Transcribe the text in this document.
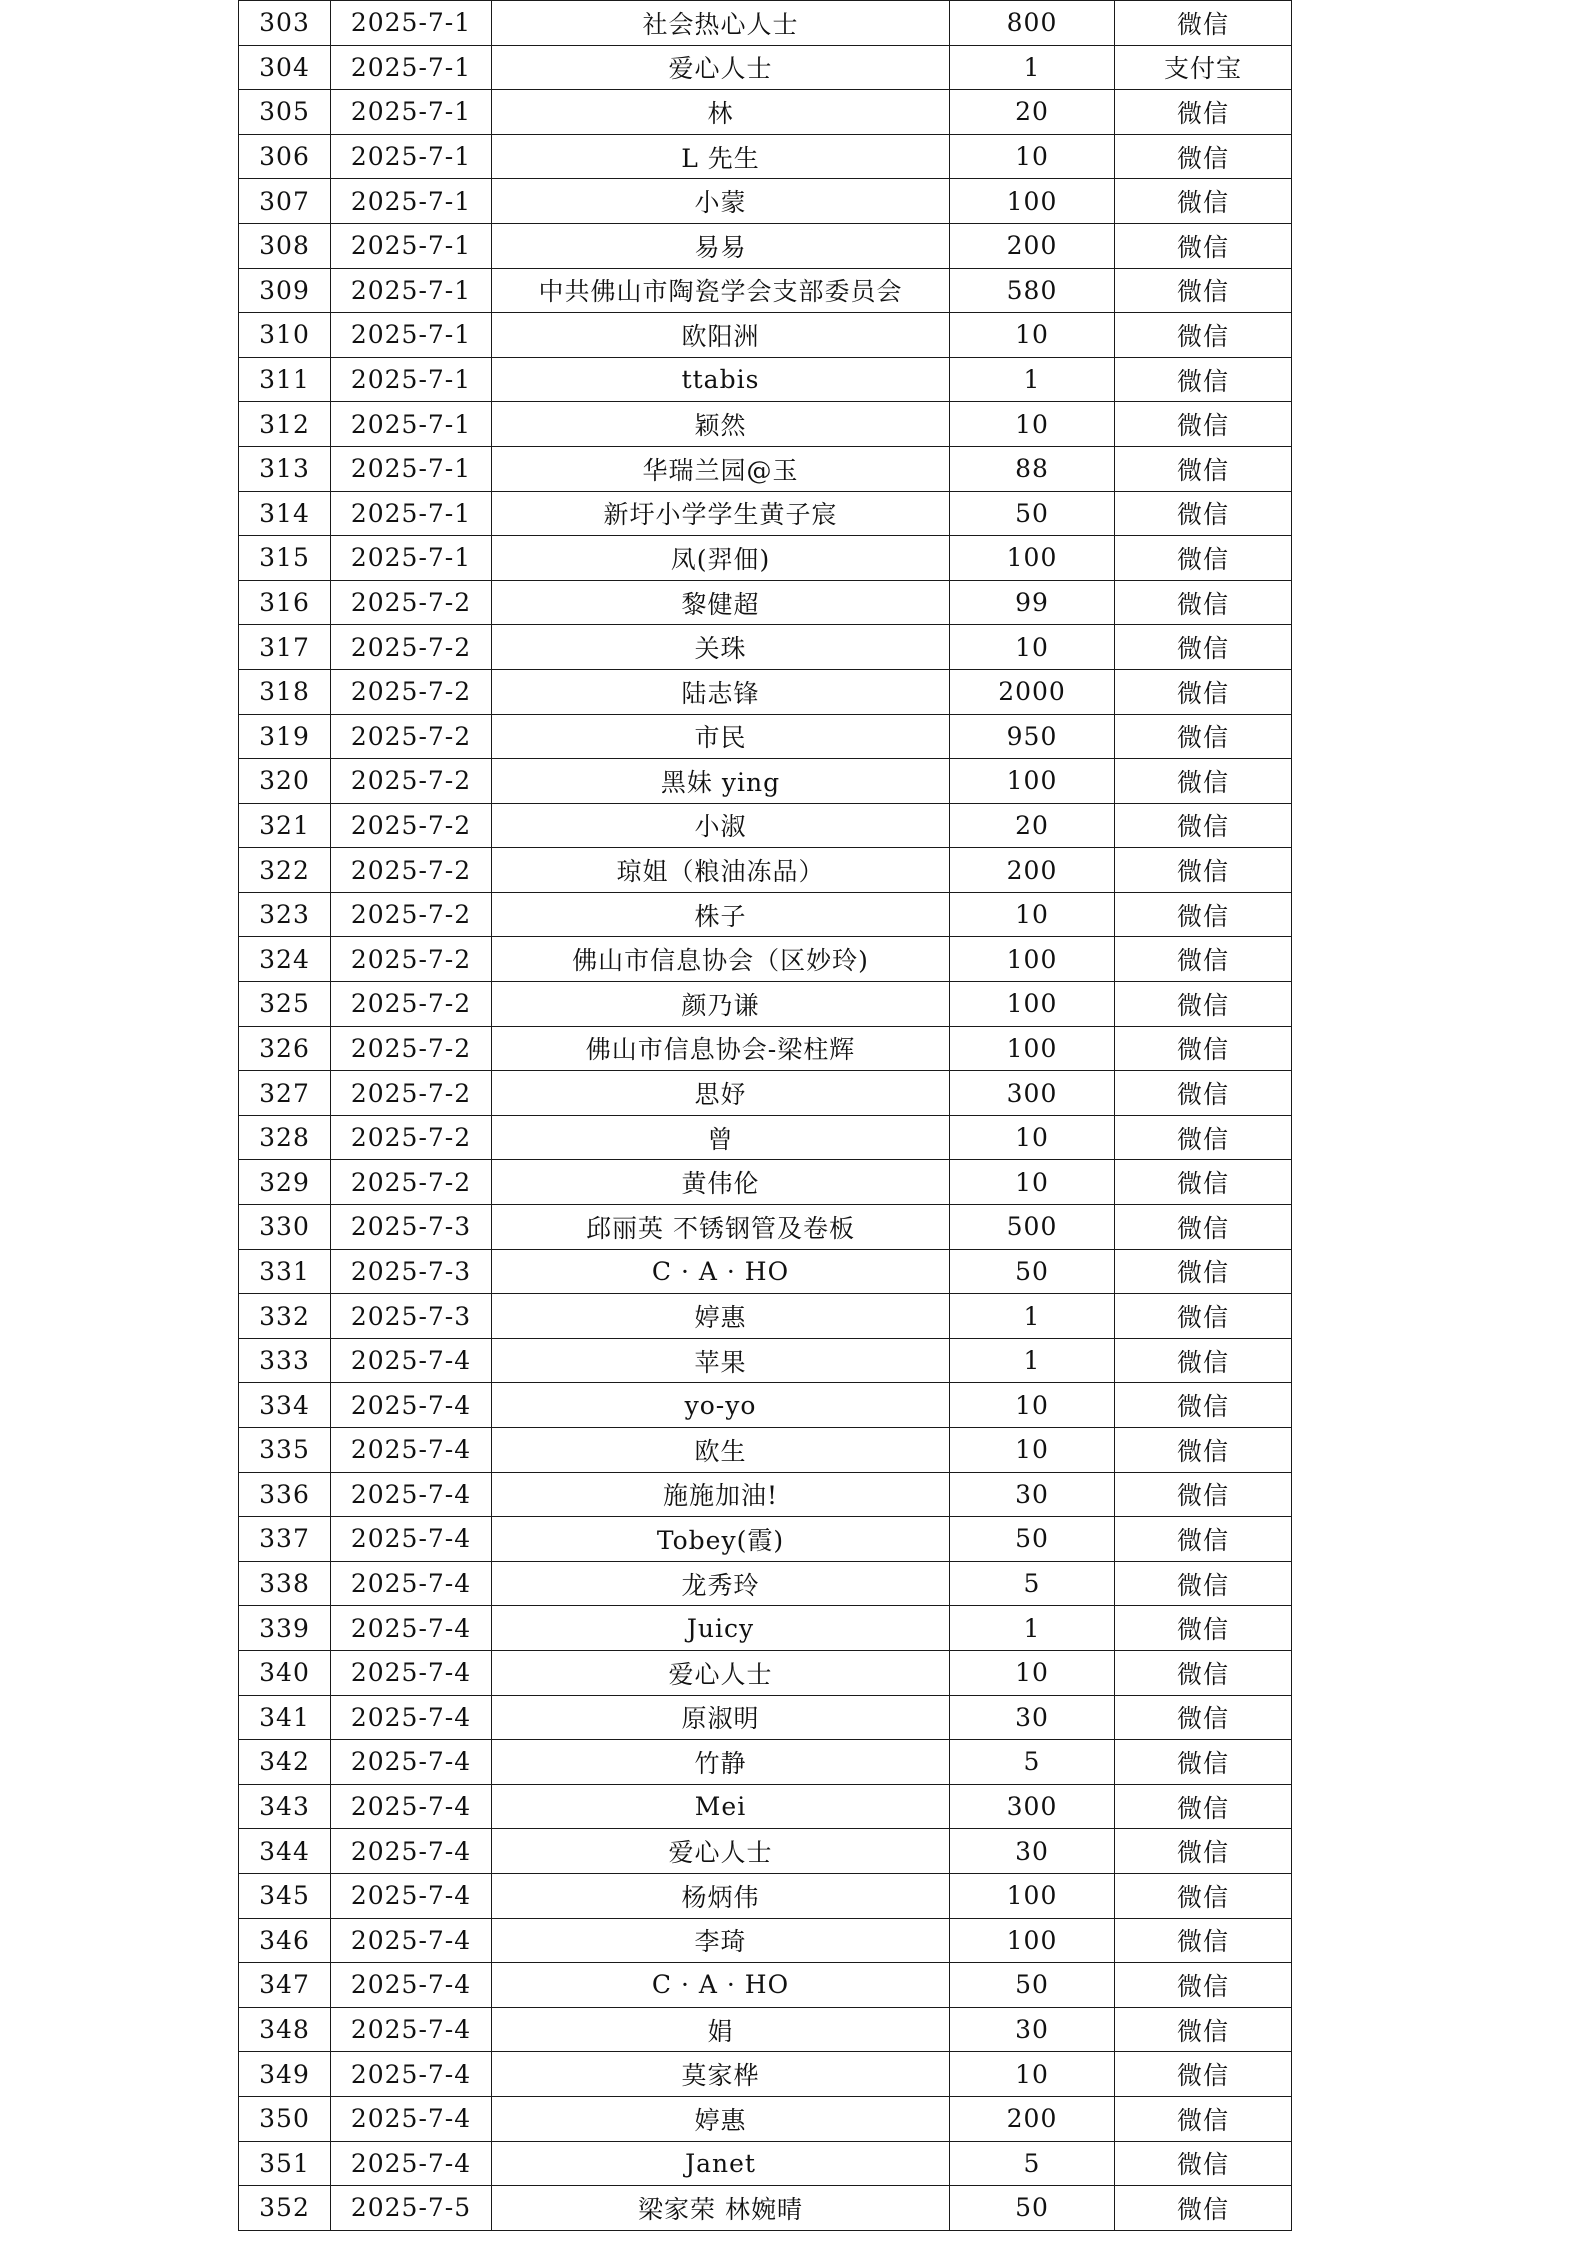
303	2025-7-1	社会热心人士	800	微信
304	2025-7-1	爱心人士	1	支付宝
305	2025-7-1	林	20	微信
306	2025-7-1	L 先生	10	微信
307	2025-7-1	小蒙	100	微信
308	2025-7-1	易易	200	微信
309	2025-7-1	中共佛山市陶瓷学会支部委员会	580	微信
310	2025-7-1	欧阳洲	10	微信
311	2025-7-1	ttabis	1	微信
312	2025-7-1	颖然	10	微信
313	2025-7-1	华瑞兰园@玉	88	微信
314	2025-7-1	新圩小学学生黄子宸	50	微信
315	2025-7-1	凤(羿佃)	100	微信
316	2025-7-2	黎健超	99	微信
317	2025-7-2	关珠	10	微信
318	2025-7-2	陆志锋	2000	微信
319	2025-7-2	市民	950	微信
320	2025-7-2	黑妹 ying	100	微信
321	2025-7-2	小淑	20	微信
322	2025-7-2	琼姐（粮油冻品）	200	微信
323	2025-7-2	株子	10	微信
324	2025-7-2	佛山市信息协会（区妙玲)	100	微信
325	2025-7-2	颜乃谦	100	微信
326	2025-7-2	佛山市信息协会-梁柱辉	100	微信
327	2025-7-2	思妤	300	微信
328	2025-7-2	曾	10	微信
329	2025-7-2	黄伟伦	10	微信
330	2025-7-3	邱丽英 不锈钢管及卷板	500	微信
331	2025-7-3	C · A · HO	50	微信
332	2025-7-3	婷惠	1	微信
333	2025-7-4	苹果	1	微信
334	2025-7-4	yo-yo	10	微信
335	2025-7-4	欧生	10	微信
336	2025-7-4	施施加油!	30	微信
337	2025-7-4	Tobey(霞)	50	微信
338	2025-7-4	龙秀玲	5	微信
339	2025-7-4	Juicy	1	微信
340	2025-7-4	爱心人士	10	微信
341	2025-7-4	原淑明	30	微信
342	2025-7-4	竹静	5	微信
343	2025-7-4	Mei	300	微信
344	2025-7-4	爱心人士	30	微信
345	2025-7-4	杨炳伟	100	微信
346	2025-7-4	李琦	100	微信
347	2025-7-4	C · A · HO	50	微信
348	2025-7-4	娟	30	微信
349	2025-7-4	莫家桦	10	微信
350	2025-7-4	婷惠	200	微信
351	2025-7-4	Janet	5	微信
352	2025-7-5	梁家荣 林婉晴	50	微信
